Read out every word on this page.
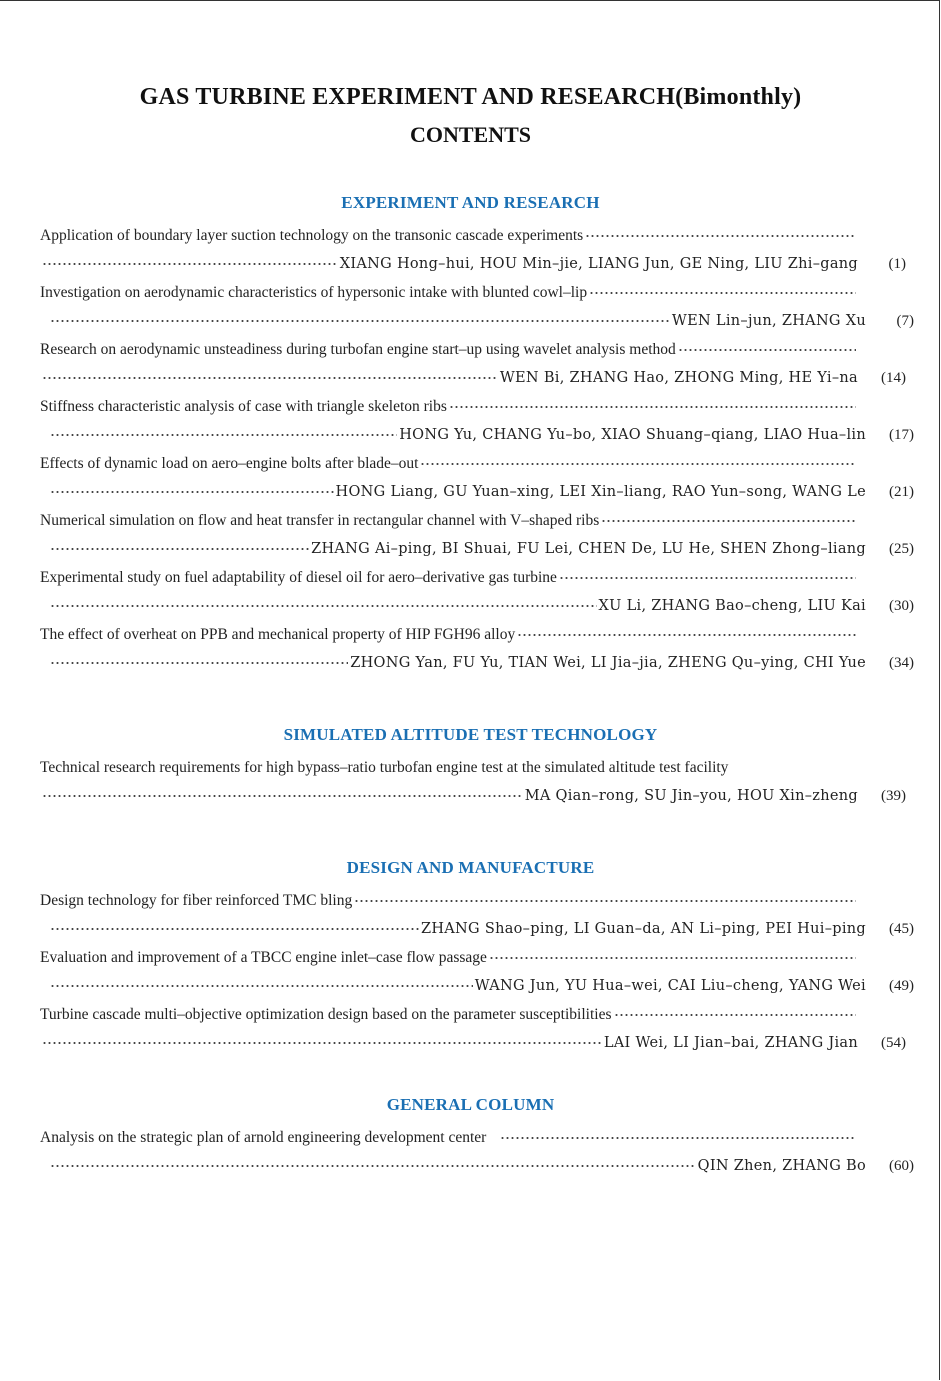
GAS TURBINE EXPERIMENT AND RESEARCH(Bimonthly)
CONTENTS
EXPERIMENT AND RESEARCH
Application of boundary layer suction technology on the transonic cascade experiments
XIANG Hong–hui, HOU Min–jie, LIANG Jun, GE Ning, LIU Zhi–gang	(1)
Investigation on aerodynamic characteristics of hypersonic intake with blunted cowl–lip
WEN Lin–jun, ZHANG Xu	(7)
Research on aerodynamic unsteadiness during turbofan engine start–up using wavelet analysis method
WEN Bi, ZHANG Hao, ZHONG Ming, HE Yi–na	(14)
Stiffness characteristic analysis of case with triangle skeleton ribs
HONG Yu, CHANG Yu–bo, XIAO Shuang–qiang, LIAO Hua–lin	(17)
Effects of dynamic load on aero–engine bolts after blade–out
HONG Liang, GU Yuan–xing, LEI Xin–liang, RAO Yun–song, WANG Le	(21)
Numerical simulation on flow and heat transfer in rectangular channel with V–shaped ribs
ZHANG Ai–ping, BI Shuai, FU Lei, CHEN De, LU He, SHEN Zhong–liang	(25)
Experimental study on fuel adaptability of diesel oil for aero–derivative gas turbine
XU Li, ZHANG Bao–cheng, LIU Kai	(30)
The effect of overheat on PPB and mechanical property of HIP FGH96 alloy
ZHONG Yan, FU Yu, TIAN Wei, LI Jia–jia, ZHENG Qu–ying, CHI Yue	(34)
SIMULATED ALTITUDE TEST TECHNOLOGY
Technical research requirements for high bypass–ratio turbofan engine test at the simulated altitude test facility
MA Qian–rong, SU Jin–you, HOU Xin–zheng	(39)
DESIGN AND MANUFACTURE
Design technology for fiber reinforced TMC bling
ZHANG Shao–ping, LI Guan–da, AN Li–ping, PEI Hui–ping	(45)
Evaluation and improvement of a TBCC engine inlet–case flow passage
WANG Jun, YU Hua–wei, CAI Liu–cheng, YANG Wei	(49)
Turbine cascade multi–objective optimization design based on the parameter susceptibilities
LAI Wei, LI Jian–bai, ZHANG Jian	(54)
GENERAL COLUMN
Analysis on the strategic plan of arnold engineering development center
QIN Zhen, ZHANG Bo	(60)
